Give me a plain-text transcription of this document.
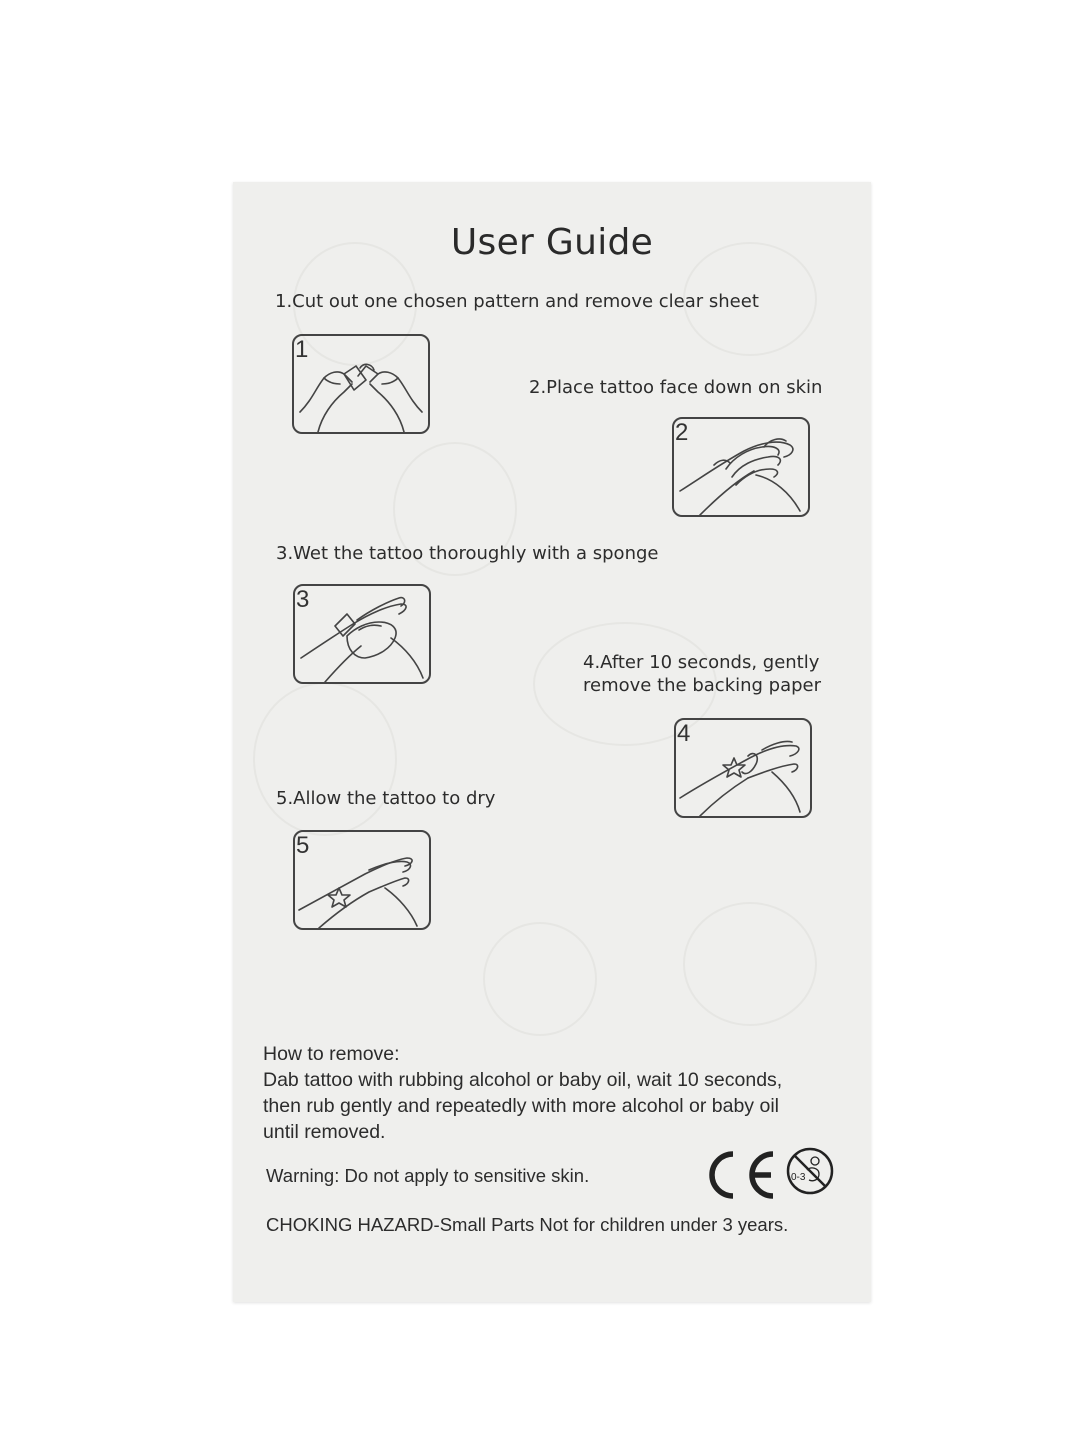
User Guide
1.Cut out one chosen pattern and remove clear sheet
1
2.Place tattoo face down on skin
2
3.Wet the tattoo thoroughly with a sponge
3
4.After 10 seconds, gently
remove the backing paper
4
5.Allow the tattoo to dry
5
How to remove:
Dab tattoo with rubbing alcohol or baby oil, wait 10 seconds,
then rub gently and repeatedly with more alcohol or baby oil
until removed.
Warning: Do not apply to sensitive skin.	0-3
CHOKING HAZARD-Small Parts Not for children under 3 years.
